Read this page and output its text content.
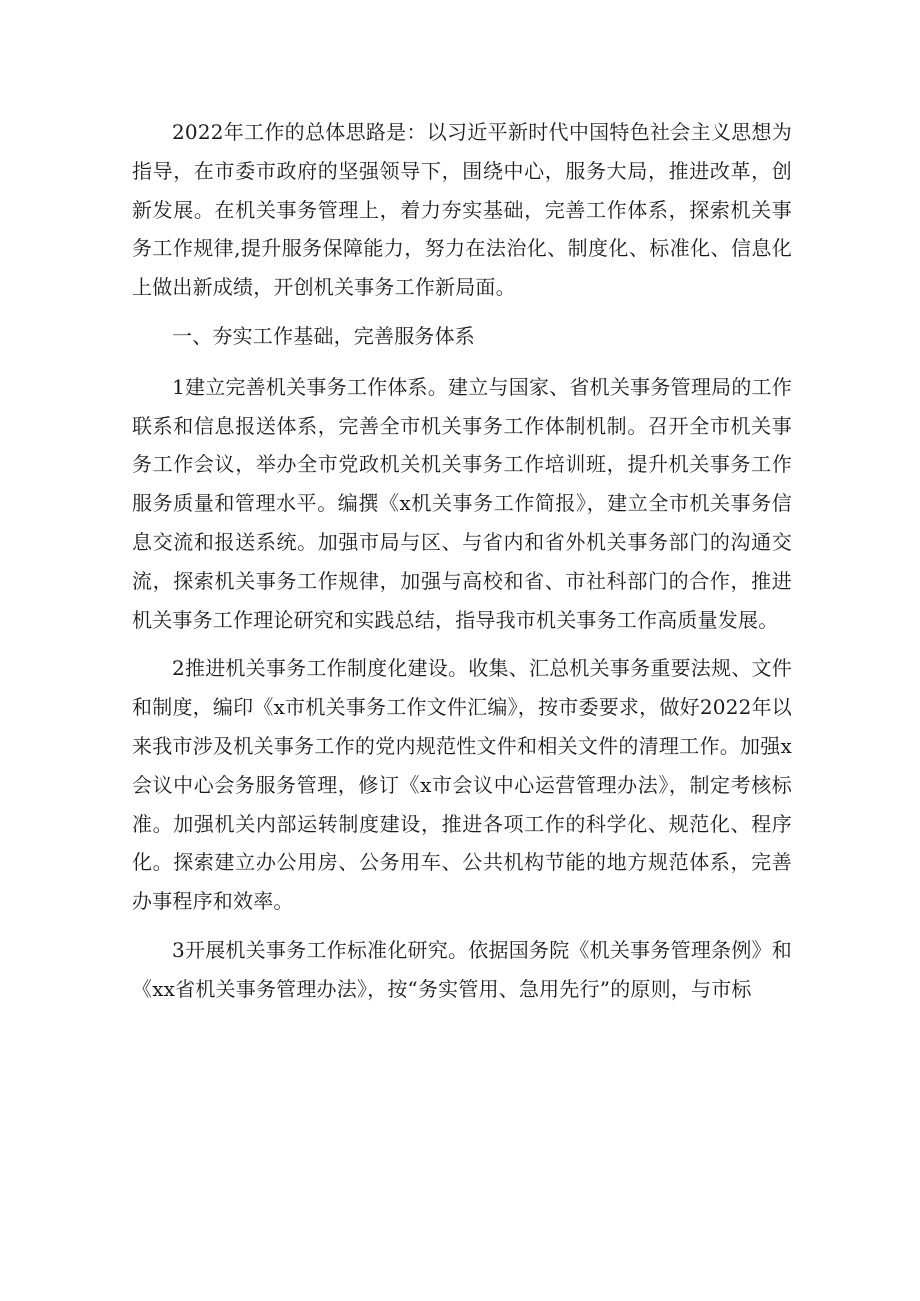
2022年工作的总体思路是：以习近平新时代中国特色社会主义思想为指导，在市委市政府的坚强领导下，围绕中心，服务大局，推进改革，创新发展。在机关事务管理上，着力夯实基础，完善工作体系，探索机关事务工作规律,提升服务保障能力，努力在法治化、制度化、标准化、信息化上做出新成绩，开创机关事务工作新局面。

一、夯实工作基础，完善服务体系

1建立完善机关事务工作体系。建立与国家、省机关事务管理局的工作联系和信息报送体系，完善全市机关事务工作体制机制。召开全市机关事务工作会议，举办全市党政机关机关事务工作培训班，提升机关事务工作服务质量和管理水平。编撰《x机关事务工作简报》，建立全市机关事务信息交流和报送系统。加强市局与区、与省内和省外机关事务部门的沟通交流，探索机关事务工作规律，加强与高校和省、市社科部门的合作，推进机关事务工作理论研究和实践总结，指导我市机关事务工作高质量发展。

2推进机关事务工作制度化建设。收集、汇总机关事务重要法规、文件和制度，编印《x市机关事务工作文件汇编》，按市委要求，做好2022年以来我市涉及机关事务工作的党内规范性文件和相关文件的清理工作。加强x会议中心会务服务管理，修订《x市会议中心运营管理办法》，制定考核标准。加强机关内部运转制度建设，推进各项工作的科学化、规范化、程序化。探索建立办公用房、公务用车、公共机构节能的地方规范体系，完善办事程序和效率。

3开展机关事务工作标准化研究。依据国务院《机关事务管理条例》和《xx省机关事务管理办法》，按“务实管用、急用先行”的原则，与市标
